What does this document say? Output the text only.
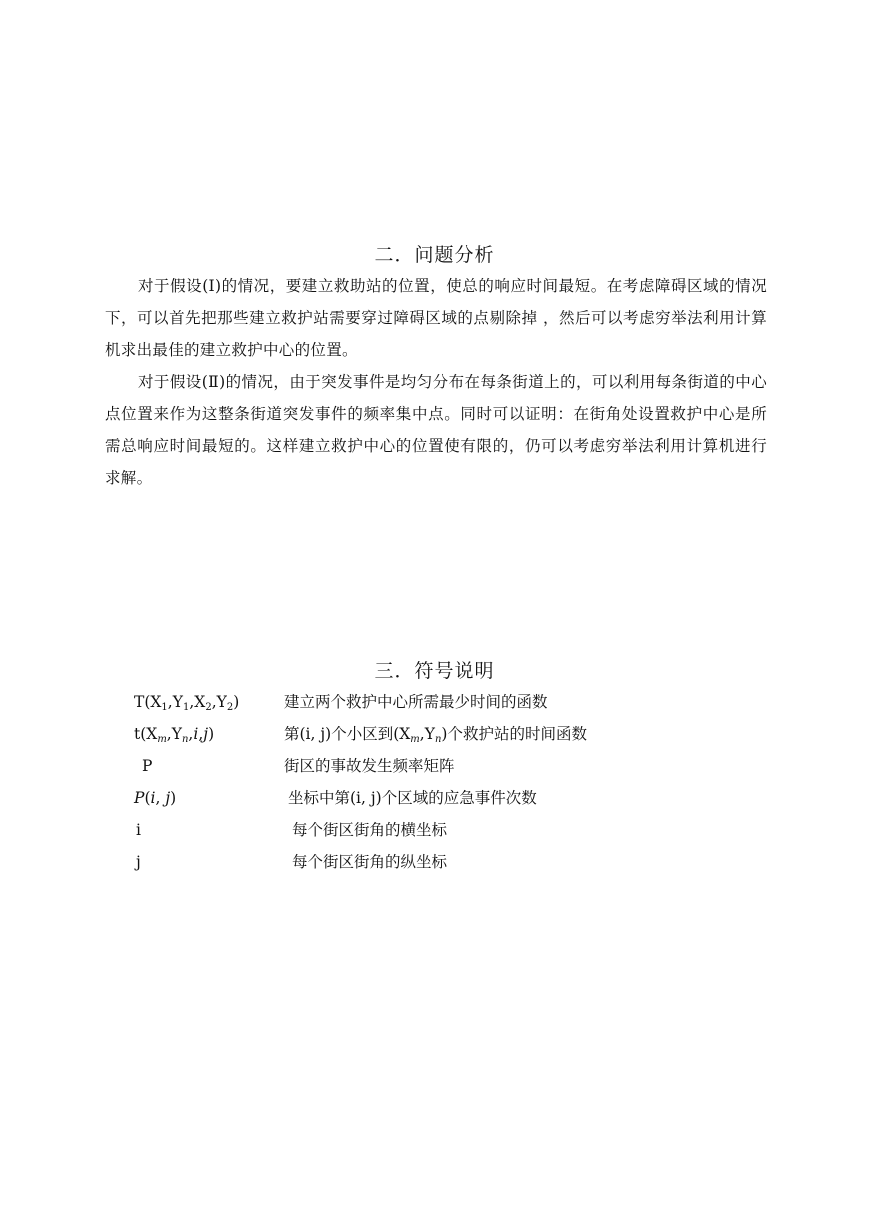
二．问题分析

对于假设(I)的情况，要建立救助站的位置，使总的响应时间最短。在考虑障碍区域的情况下，可以首先把那些建立救护站需要穿过障碍区域的点剔除掉 ，然后可以考虑穷举法利用计算机求出最佳的建立救护中心的位置。

对于假设(Ⅱ)的情况，由于突发事件是均匀分布在每条街道上的，可以利用每条街道的中心点位置来作为这整条街道突发事件的频率集中点。同时可以证明：在街角处设置救护中心是所需总响应时间最短的。这样建立救护中心的位置使有限的，仍可以考虑穷举法利用计算机进行求解。

三．符号说明
$T(X_1,Y_1,X_2,Y_2)$	建立两个救护中心所需最少时间的函数
$t(X_m,Y_n,i,j)$	第(i, j)个小区到$(X_m,Y_n)$个救护站的时间函数
P	街区的事故发生频率矩阵
P(i, j)	坐标中第(i, j)个区域的应急事件次数
i	每个街区街角的横坐标
j	每个街区街角的纵坐标
